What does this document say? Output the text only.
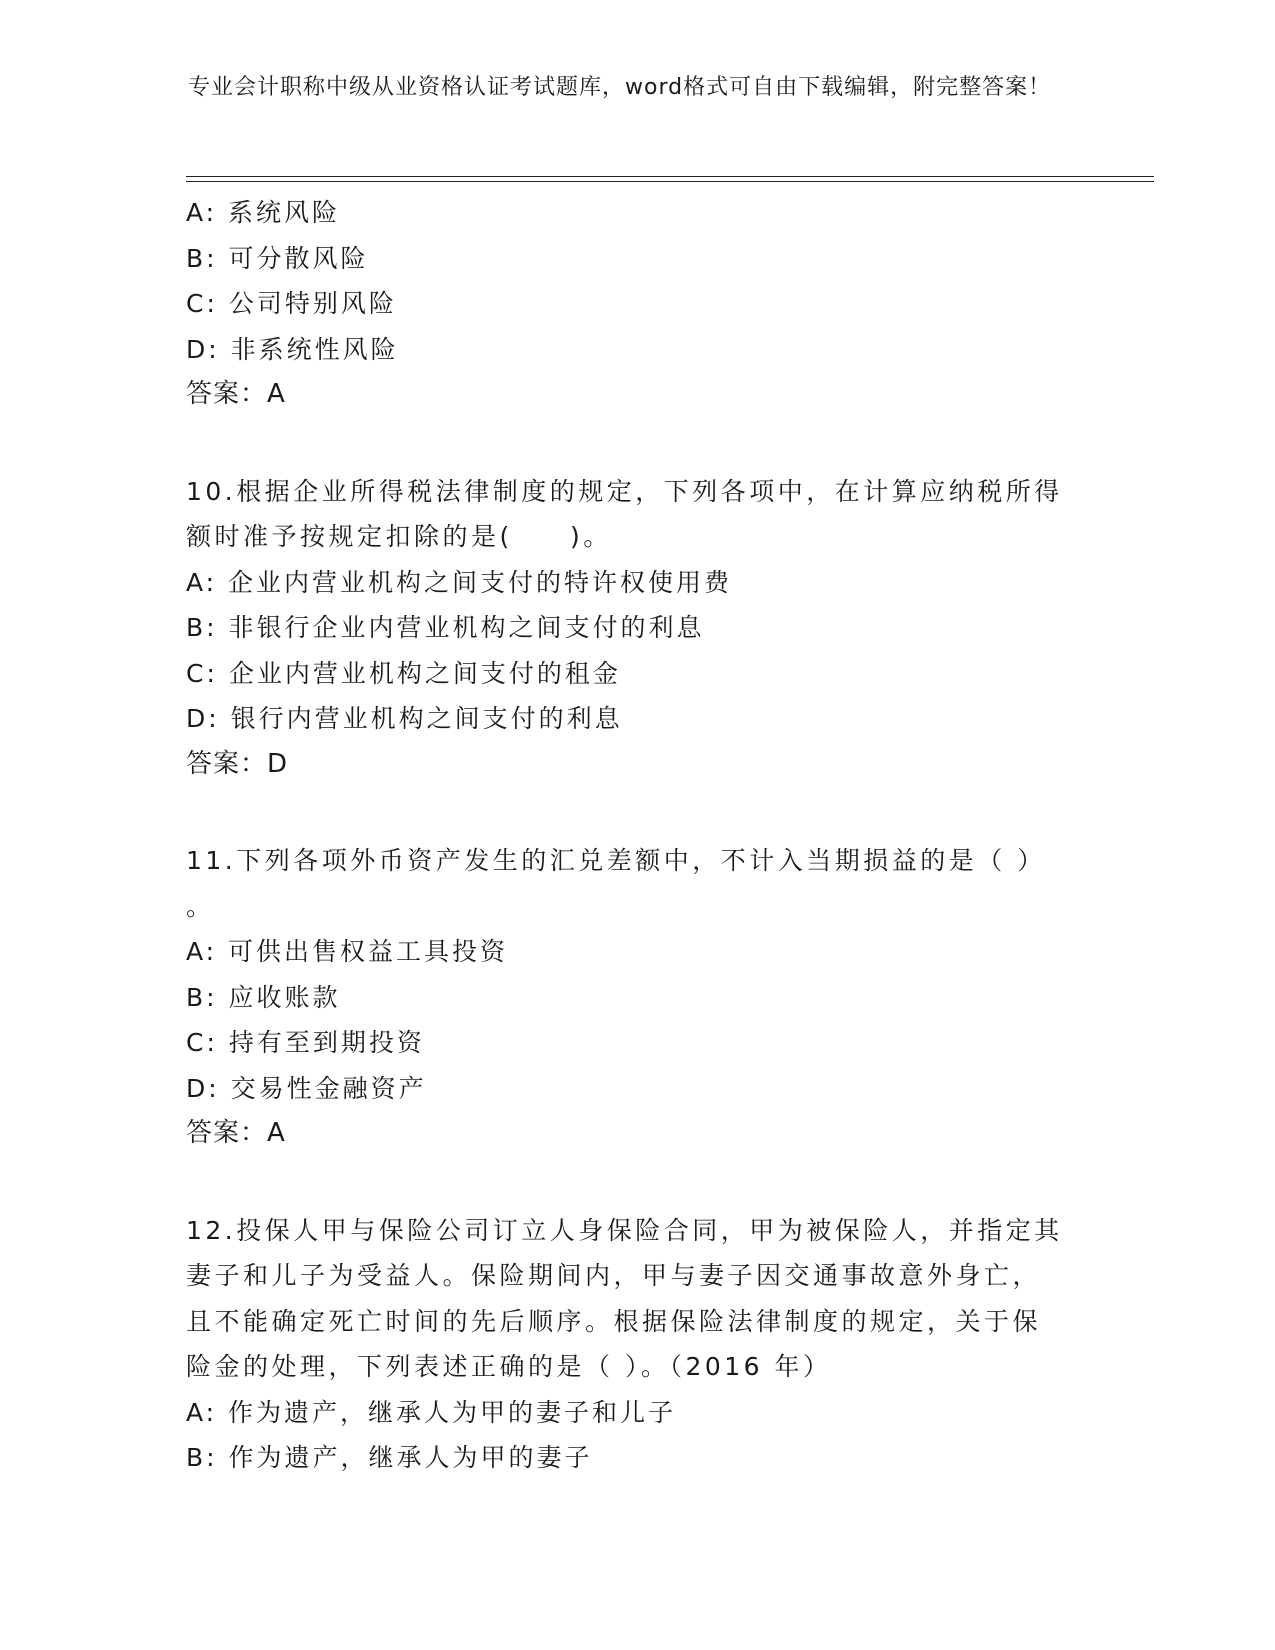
专业会计职称中级从业资格认证考试题库，word格式可自由下载编辑，附完整答案！

A: 系统风险
B: 可分散风险
C: 公司特别风险
D: 非系统性风险
答案：A
10.根据企业所得税法律制度的规定，下列各项中，在计算应纳税所得
额时准予按规定扣除的是(     )。
A: 企业内营业机构之间支付的特许权使用费
B: 非银行企业内营业机构之间支付的利息
C: 企业内营业机构之间支付的租金
D: 银行内营业机构之间支付的利息
答案：D
11.下列各项外币资产发生的汇兑差额中，不计入当期损益的是（ ）
。
A: 可供出售权益工具投资
B: 应收账款
C: 持有至到期投资
D: 交易性金融资产
答案：A
12.投保人甲与保险公司订立人身保险合同，甲为被保险人，并指定其
妻子和儿子为受益人。保险期间内，甲与妻子因交通事故意外身亡，
且不能确定死亡时间的先后顺序。根据保险法律制度的规定，关于保
险金的处理，下列表述正确的是（ ）。（2016 年）
A: 作为遗产，继承人为甲的妻子和儿子
B: 作为遗产，继承人为甲的妻子
